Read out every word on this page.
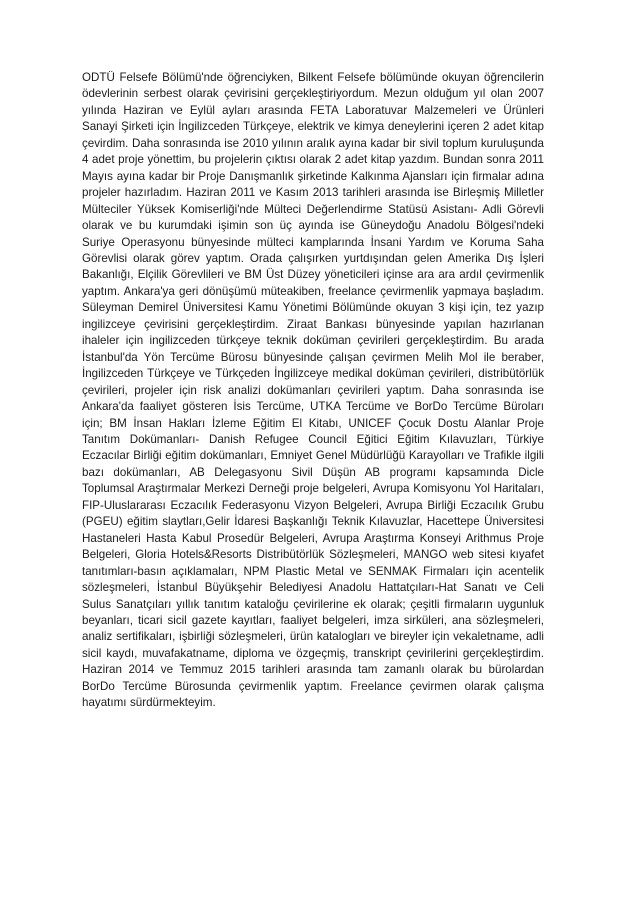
ODTÜ Felsefe Bölümü'nde öğrenciyken, Bilkent Felsefe bölümünde okuyan öğrencilerin ödevlerinin serbest olarak çevirisini gerçekleştiriyordum. Mezun olduğum yıl olan 2007 yılında Haziran ve Eylül ayları arasında FETA Laboratuvar Malzemeleri ve Ürünleri Sanayi Şirketi için İngilizceden Türkçeye, elektrik ve kimya deneylerini içeren 2 adet kitap çevirdim. Daha sonrasında ise 2010 yılının aralık ayına kadar bir sivil toplum kuruluşunda 4 adet proje yönettim, bu projelerin çıktısı olarak 2 adet kitap yazdım. Bundan sonra 2011 Mayıs ayına kadar bir Proje Danışmanlık şirketinde Kalkınma Ajansları için firmalar adına projeler hazırladım. Haziran 2011 ve Kasım 2013 tarihleri arasında ise Birleşmiş Milletler Mülteciler Yüksek Komiserliği'nde Mülteci Değerlendirme Statüsü Asistanı- Adli Görevli olarak ve bu kurumdaki işimin son üç ayında ise Güneydoğu Anadolu Bölgesi'ndeki Suriye Operasyonu bünyesinde mülteci kamplarında İnsani Yardım ve Koruma Saha Görevlisi olarak görev yaptım. Orada çalışırken yurtdışından gelen Amerika Dış İşleri Bakanlığı, Elçilik Görevlileri ve BM Üst Düzey yöneticileri içinse ara ara ardıl çevirmenlik yaptım. Ankara'ya geri dönüşümü müteakiben, freelance çevirmenlik yapmaya başladım. Süleyman Demirel Üniversitesi Kamu Yönetimi Bölümünde okuyan 3 kişi için, tez yazıp ingilizceye çevirisini gerçekleştirdim. Ziraat Bankası bünyesinde yapılan hazırlanan ihaleler için ingilizceden türkçeye teknik doküman çevirileri gerçekleştirdim. Bu arada İstanbul'da Yön Tercüme Bürosu bünyesinde çalışan çevirmen Melih Mol ile beraber, İngilizceden Türkçeye ve Türkçeden İngilizceye medikal doküman çevirileri, distribütörlük çevirileri, projeler için risk analizi dokümanları çevirileri yaptım. Daha sonrasında ise Ankara'da faaliyet gösteren İsis Tercüme, UTKA Tercüme ve BorDo Tercüme Büroları için; BM İnsan Hakları İzleme Eğitim El Kitabı, UNICEF Çocuk Dostu Alanlar Proje Tanıtım Dokümanları- Danish Refugee Council Eğitici Eğitim Kılavuzları, Türkiye Eczacılar Birliği eğitim dokümanları, Emniyet Genel Müdürlüğü Karayolları ve Trafikle ilgili bazı dokümanları, AB Delegasyonu Sivil Düşün AB programı kapsamında Dicle Toplumsal Araştırmalar Merkezi Derneği proje belgeleri, Avrupa Komisyonu Yol Haritaları, FIP-Uluslararası Eczacılık Federasyonu Vizyon Belgeleri, Avrupa Birliği Eczacılık Grubu (PGEU) eğitim slaytları,Gelir İdaresi Başkanlığı Teknik Kılavuzlar, Hacettepe Üniversitesi Hastaneleri Hasta Kabul Prosedür Belgeleri, Avrupa Araştırma Konseyi Arithmus Proje Belgeleri, Gloria Hotels&Resorts Distribütörlük Sözleşmeleri, MANGO web sitesi kıyafet tanıtımları-basın açıklamaları, NPM Plastic Metal ve SENMAK Firmaları için acentelik sözleşmeleri, İstanbul Büyükşehir Belediyesi Anadolu Hattatçıları-Hat Sanatı ve Celi Sulus Sanatçıları yıllık tanıtım kataloğu çevirilerine ek olarak; çeşitli firmaların uygunluk beyanları, ticari sicil gazete kayıtları, faaliyet belgeleri, imza sirküleri, ana sözleşmeleri, analiz sertifikaları, işbirliği sözleşmeleri, ürün katalogları ve bireyler için vekaletname, adli sicil kaydı, muvafakatname, diploma ve özgeçmiş, transkript çevirilerini gerçekleştirdim. Haziran 2014 ve Temmuz 2015 tarihleri arasında tam zamanlı olarak bu bürolardan BorDo Tercüme Bürosunda çevirmenlik yaptım. Freelance çevirmen olarak çalışma hayatımı sürdürmekteyim.
